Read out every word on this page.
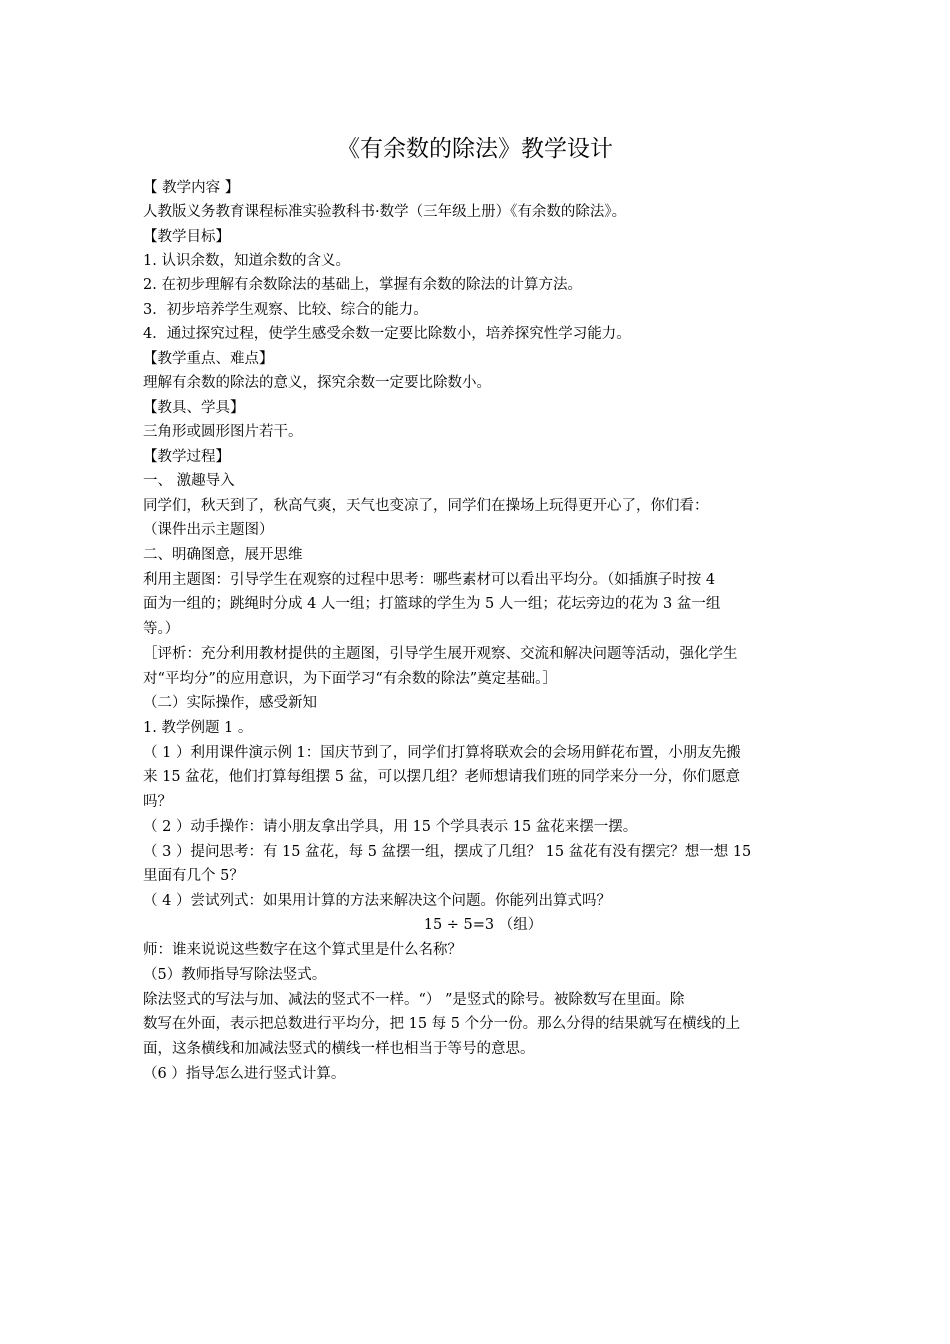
《有余数的除法》教学设计
【 教学内容 】
人教版义务教育课程标准实验教科书·数学（三年级上册）《有余数的除法》。
【教学目标】
1. 认识余数，知道余数的含义。
2. 在初步理解有余数除法的基础上，掌握有余数的除法的计算方法。
3．初步培养学生观察、比较、综合的能力。
4．通过探究过程，使学生感受余数一定要比除数小，培养探究性学习能力。
【教学重点、难点】
理解有余数的除法的意义，探究余数一定要比除数小。
【教具、学具】
三角形或圆形图片若干。
【教学过程】
一、 激趣导入
同学们，秋天到了，秋高气爽，天气也变凉了，同学们在操场上玩得更开心了，你们看：
（课件出示主题图）
二、明确图意，展开思维
利用主题图：引导学生在观察的过程中思考：哪些素材可以看出平均分。（如插旗子时按 4
面为一组的；跳绳时分成 4 人一组；打篮球的学生为 5 人一组；花坛旁边的花为 3 盆一组
等。）
［评析：充分利用教材提供的主题图，引导学生展开观察、交流和解决问题等活动，强化学生
对“平均分”的应用意识，为下面学习“有余数的除法”奠定基础。］
（二）实际操作，感受新知
1. 教学例题 1 。
（ 1 ）利用课件演示例 1：国庆节到了，同学们打算将联欢会的会场用鲜花布置，小朋友先搬
来 15 盆花，他们打算每组摆 5 盆，可以摆几组？老师想请我们班的同学来分一分，你们愿意
吗？
（ 2 ）动手操作：请小朋友拿出学具，用 15 个学具表示 15 盆花来摆一摆。
（ 3 ）提问思考：有 15 盆花，每 5 盆摆一组，摆成了几组？ 15 盆花有没有摆完？想一想 15
里面有几个 5？
（ 4 ）尝试列式：如果用计算的方法来解决这个问题。你能列出算式吗？
15 ÷ 5=3 （组）
师：谁来说说这些数字在这个算式里是什么名称？
（5）教师指导写除法竖式。
除法竖式的写法与加、减法的竖式不一样。“） ”是竖式的除号。被除数写在里面。除
数写在外面，表示把总数进行平均分，把 15 每 5 个分一份。那么分得的结果就写在横线的上
面，这条横线和加减法竖式的横线一样也相当于等号的意思。
（6 ）指导怎么进行竖式计算。
